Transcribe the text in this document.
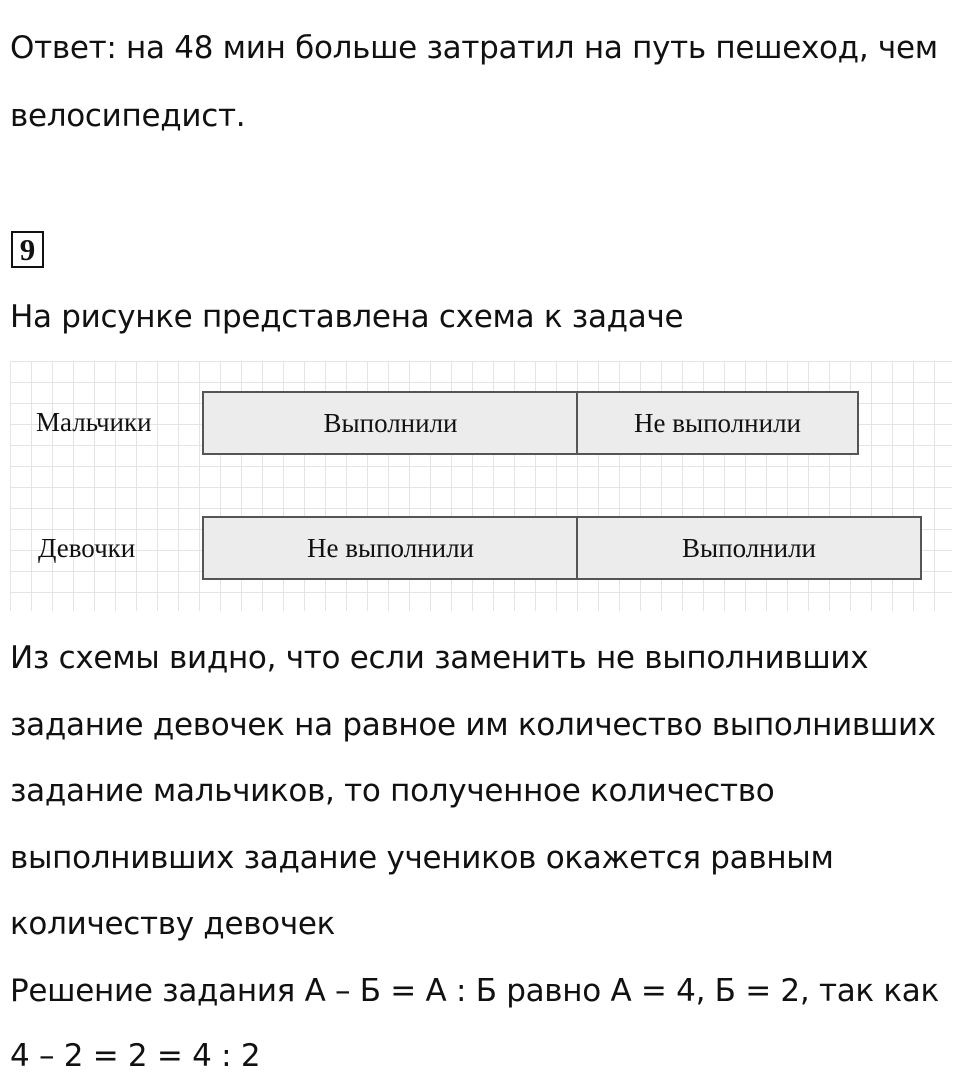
Ответ: на 48 мин больше затратил на путь пешеход, чем
велосипедист.
9
На рисунке представлена схема к задаче
Мальчики	Выполнили	Не выполнили
Девочки	Не выполнили	Выполнили
Из схемы видно, что если заменить не выполнивших
задание девочек на равное им количество выполнивших
задание мальчиков, то полученное количество
выполнивших задание учеников окажется равным
количеству девочек
Решение задания А – Б = А : Б равно А = 4, Б = 2, так как
4 – 2 = 2 = 4 : 2
